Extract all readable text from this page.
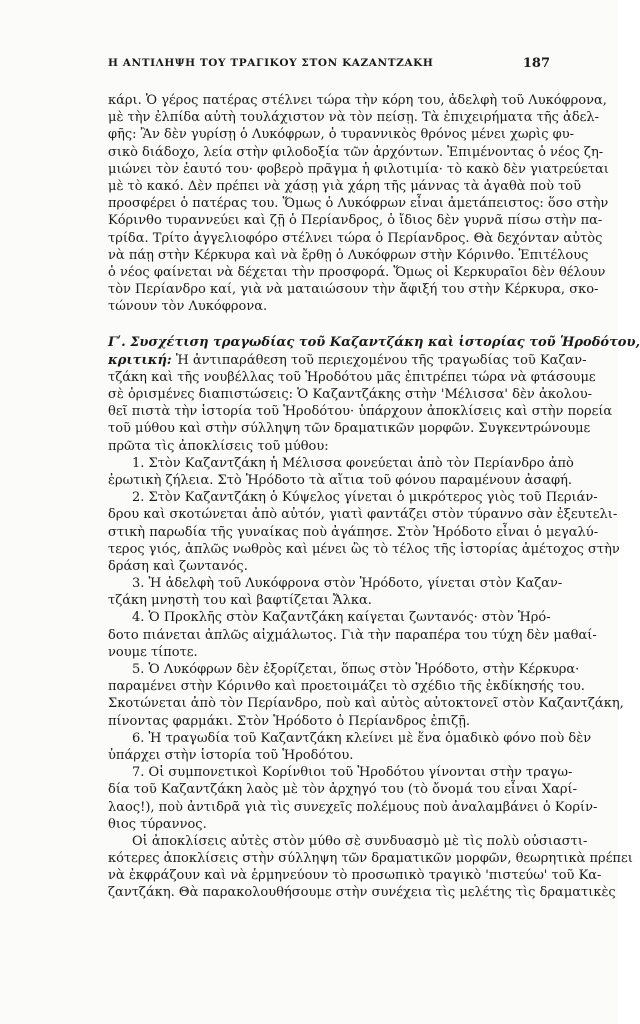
Η ΑΝΤΙΛΗΨΗ ΤΟΥ ΤΡΑΓΙΚΟΥ ΣΤΟΝ ΚΑΖΑΝΤΖΑΚΗ	187
κάρι. Ὁ γέρος πατέρας στέλνει τώρα τὴν κόρη του, ἀδελφὴ τοῦ Λυκόφρονα,
μὲ τὴν ἐλπίδα αὐτὴ τουλάχιστον νὰ τὸν πείσῃ. Τὰ ἐπιχειρήματα τῆς ἀδελ-
φῆς: Ἂν δὲν γυρίσῃ ὁ Λυκόφρων, ὁ τυραννικὸς θρόνος μένει χωρὶς φυ-
σικὸ διάδοχο, λεία στὴν φιλοδοξία τῶν ἀρχόντων. Ἐπιμένοντας ὁ νέος ζη-
μιώνει τὸν ἑαυτό του· φοβερὸ πρᾶγμα ἡ φιλοτιμία· τὸ κακὸ δὲν γιατρεύεται
μὲ τὸ κακό. Δὲν πρέπει νὰ χάσῃ γιὰ χάρη τῆς μάννας τὰ ἀγαθὰ ποὺ τοῦ
προσφέρει ὁ πατέρας του. Ὅμως ὁ Λυκόφρων εἶναι ἀμετάπειστος: ὅσο στὴν
Κόρινθο τυραννεύει καὶ ζῇ ὁ Περίανδρος, ὁ ἴδιος δὲν γυρνᾶ πίσω στὴν πα-
τρίδα. Τρίτο ἀγγελιοφόρο στέλνει τώρα ὁ Περίανδρος. Θὰ δεχόνταν αὐτὸς
νὰ πάῃ στὴν Κέρκυρα καὶ νὰ ἔρθῃ ὁ Λυκόφρων στὴν Κόρινθο. Ἐπιτέλους
ὁ νέος φαίνεται νὰ δέχεται τὴν προσφορά. Ὅμως οἱ Κερκυραῖοι δὲν θέλουν
τὸν Περίανδρο καί, γιὰ νὰ ματαιώσουν τὴν ἄφιξή του στὴν Κέρκυρα, σκο-
τώνουν τὸν Λυκόφρονα.
Γʹ. Συσχέτιση τραγωδίας τοῦ Καζαντζάκη καὶ ἱστορίας τοῦ Ἡροδότου,
κριτική: Ἡ ἀντιπαράθεση τοῦ περιεχομένου τῆς τραγωδίας τοῦ Καζαν-
τζάκη καὶ τῆς νουβέλλας τοῦ Ἡροδότου μᾶς ἐπιτρέπει τώρα νὰ φτάσουμε
σὲ ὁρισμένες διαπιστώσεις: Ὁ Καζαντζάκης στὴν 'Μέλισσα' δὲν ἀκολου-
θεῖ πιστὰ τὴν ἱστορία τοῦ Ἡροδότου· ὑπάρχουν ἀποκλίσεις καὶ στὴν πορεία
τοῦ μύθου καὶ στὴν σύλληψη τῶν δραματικῶν μορφῶν. Συγκεντρώνουμε
πρῶτα τὶς ἀποκλίσεις τοῦ μύθου:
1. Στὸν Καζαντζάκη ἡ Μέλισσα φονεύεται ἀπὸ τὸν Περίανδρο ἀπὸ
ἐρωτικὴ ζήλεια. Στὸ Ἡρόδοτο τὰ αἴτια τοῦ φόνου παραμένουν ἀσαφή.
2. Στὸν Καζαντζάκη ὁ Κύψελος γίνεται ὁ μικρότερος γιὸς τοῦ Περιάν-
δρου καὶ σκοτώνεται ἀπὸ αὐτόν, γιατὶ φαντάζει στὸν τύραννο σὰν ἐξευτελι-
στικὴ παρωδία τῆς γυναίκας ποὺ ἀγάπησε. Στὸν Ἡρόδοτο εἶναι ὁ μεγαλύ-
τερος γιός, ἁπλῶς νωθρὸς καὶ μένει ὣς τὸ τέλος τῆς ἱστορίας ἀμέτοχος στὴν
δράση καὶ ζωντανός.
3. Ἡ ἀδελφὴ τοῦ Λυκόφρονα στὸν Ἡρόδοτο, γίνεται στὸν Καζαν-
τζάκη μνηστὴ του καὶ βαφτίζεται Ἄλκα.
4. Ὁ Προκλῆς στὸν Καζαντζάκη καίγεται ζωντανός· στὸν Ἡρό-
δοτο πιάνεται ἁπλῶς αἰχμάλωτος. Γιὰ τὴν παραπέρα του τύχη δὲν μαθαί-
νουμε τίποτε.
5. Ὁ Λυκόφρων δὲν ἐξορίζεται, ὅπως στὸν Ἡρόδοτο, στὴν Κέρκυρα·
παραμένει στὴν Κόρινθο καὶ προετοιμάζει τὸ σχέδιο τῆς ἐκδίκησής του.
Σκοτώνεται ἀπὸ τὸν Περίανδρο, ποὺ καὶ αὐτὸς αὐτοκτονεῖ στὸν Καζαντζάκη,
πίνοντας φαρμάκι. Στὸν Ἡρόδοτο ὁ Περίανδρος ἐπιζῇ.
6. Ἡ τραγωδία τοῦ Καζαντζάκη κλείνει μὲ ἕνα ὁμαδικὸ φόνο ποὺ δὲν
ὑπάρχει στὴν ἱστορία τοῦ Ἡροδότου.
7. Οἱ συμπονετικοὶ Κορίνθιοι τοῦ Ἡροδότου γίνονται στὴν τραγω-
δία τοῦ Καζαντζάκη λαὸς μὲ τὸν ἀρχηγό του (τὸ ὄνομά του εἶναι Χαρί-
λαος!), ποὺ ἀντιδρᾶ γιὰ τὶς συνεχεῖς πολέμους ποὺ ἀναλαμβάνει ὁ Κορίν-
θιος τύραννος.
Οἱ ἀποκλίσεις αὐτὲς στὸν μύθο σὲ συνδυασμὸ μὲ τὶς πολὺ οὐσιαστι-
κότερες ἀποκλίσεις στὴν σύλληψη τῶν δραματικῶν μορφῶν, θεωρητικὰ πρέπει
νὰ ἐκφράζουν καὶ νὰ ἑρμηνεύουν τὸ προσωπικὸ τραγικὸ 'πιστεύω' τοῦ Κα-
ζαντζάκη. Θὰ παρακολουθήσουμε στὴν συνέχεια τὶς μελέτης τὶς δραματικὲς
